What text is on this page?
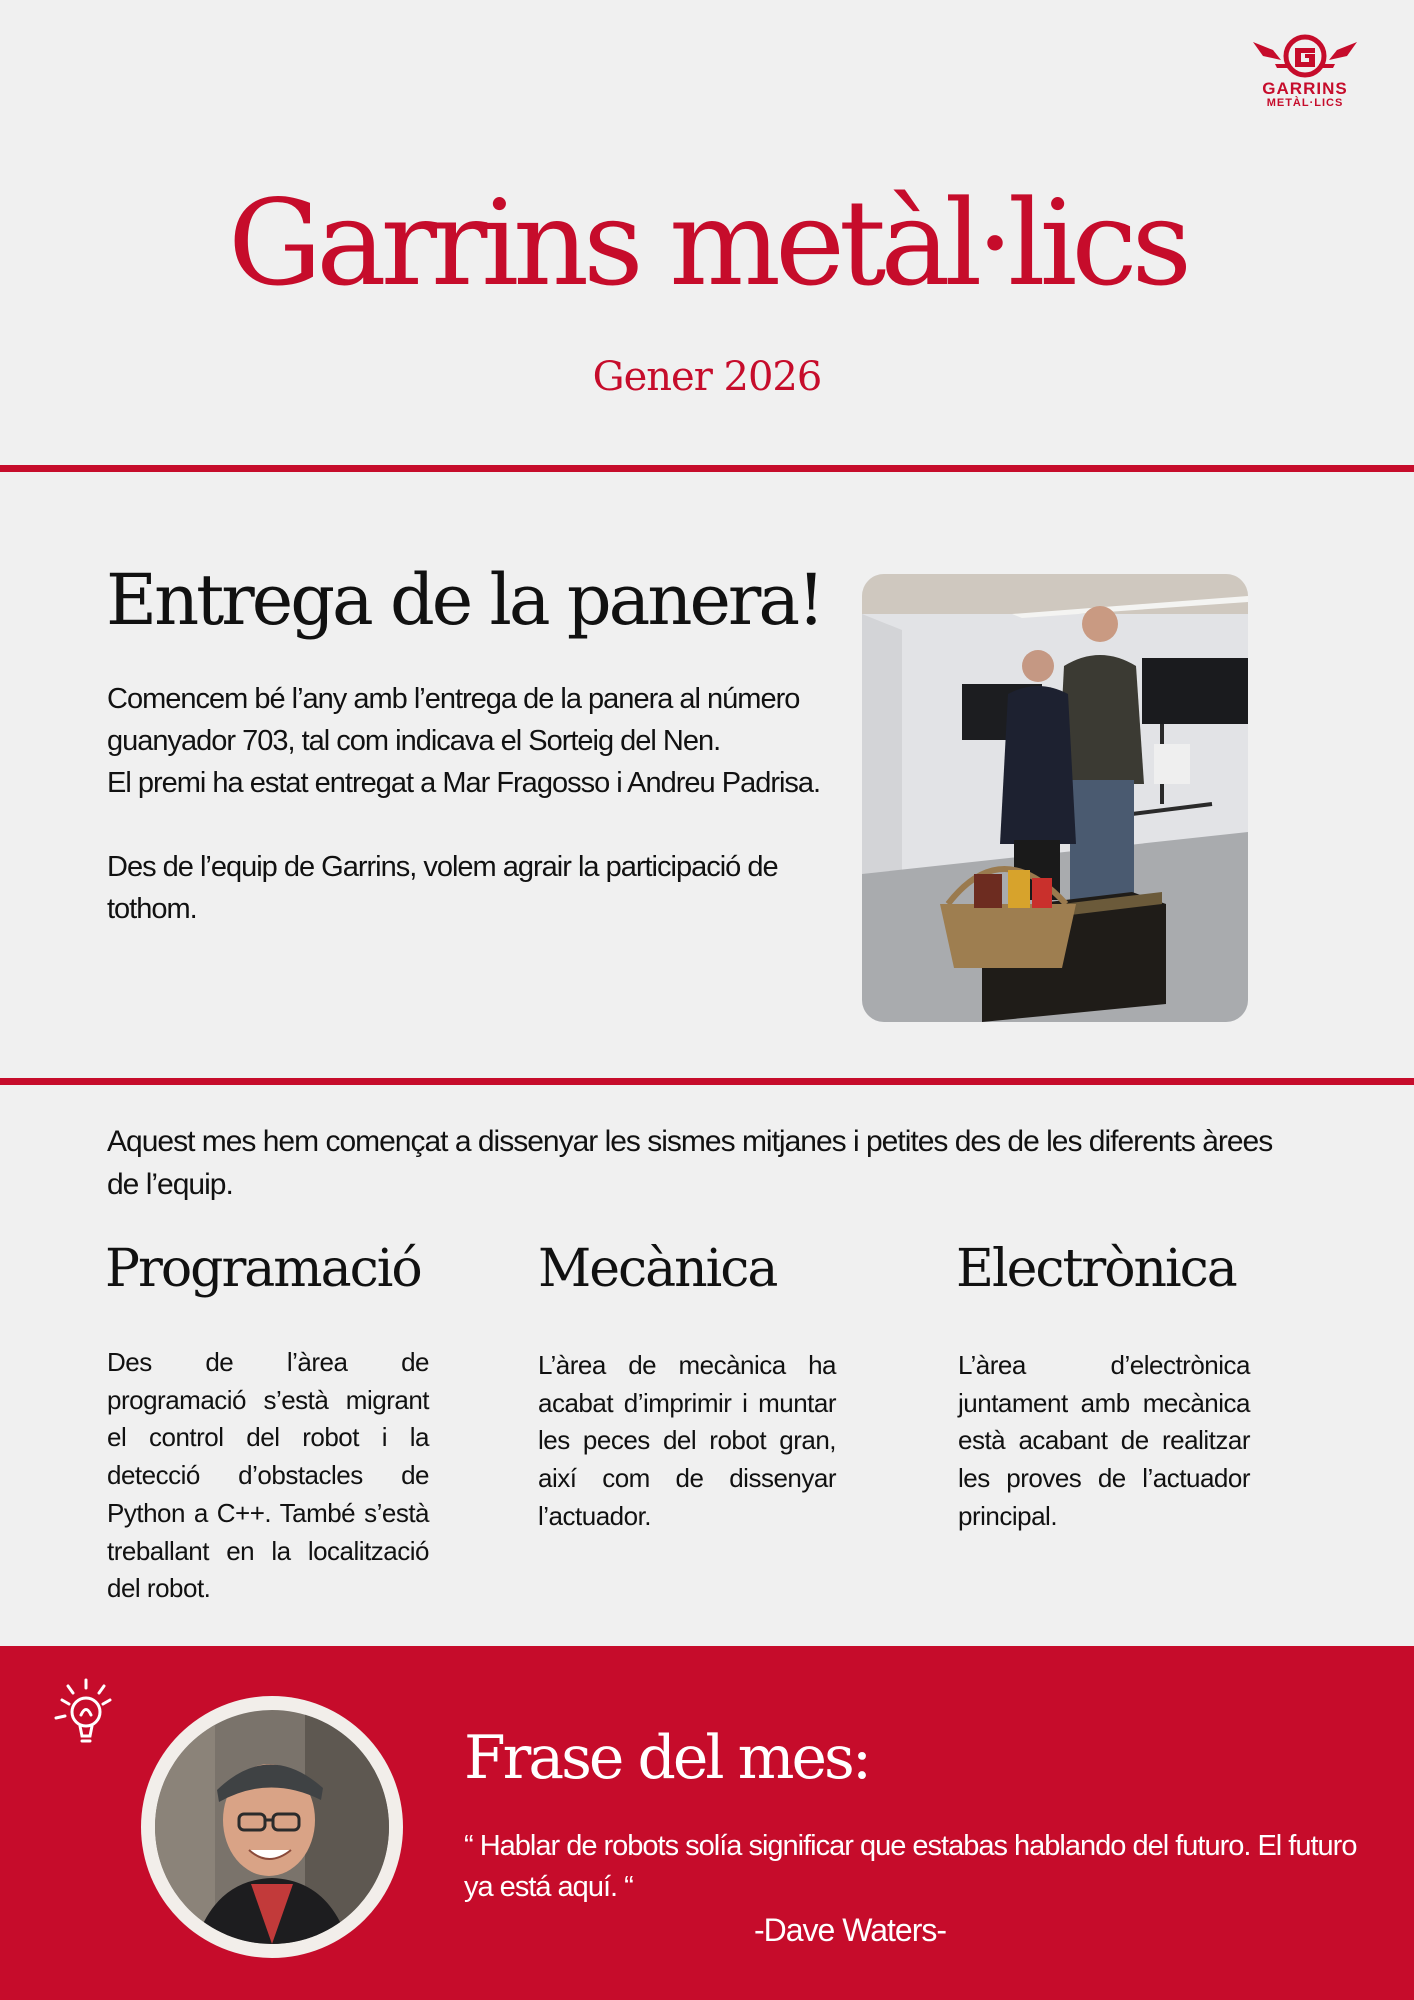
GARRINS
METÀL·LICS
Garrins metàl·lics
Gener 2026
Entrega de la panera!

Comencem bé l’any amb l’entrega de la panera al número guanyador 703, tal com indicava el Sorteig del Nen.

El premi ha estat entregat a Mar Fragosso i Andreu Padrisa.

Des de l’equip de Garrins, volem agrair la participació de tothom.

Aquest mes hem començat a dissenyar les sismes mitjanes i petites des de les diferents àrees de l’equip.
Programació Mecànica	Electrònica
Des de l’àrea de programació s’està migrant el control del robot i la detecció d’obstacles de Python a C++. També s’està treballant en la localització del robot.
L’àrea de mecànica ha acabat d’imprimir i muntar les peces del robot gran, així com de dissenyar l’actuador.
L’àrea d’electrònica juntament amb mecànica està acabant de realitzar les proves de l’actuador principal.
Frase del mes:
“ Hablar de robots solía significar que estabas hablando del futuro. El futuro ya está aquí. “
-Dave Waters-
